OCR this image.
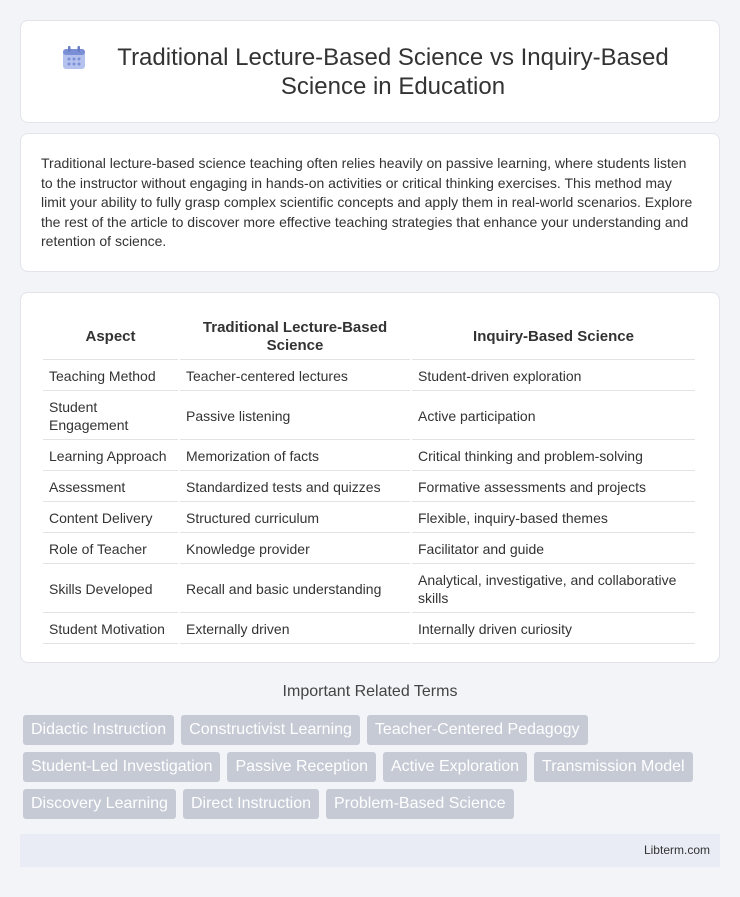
Traditional Lecture-Based Science vs Inquiry-Based Science in Education

Traditional lecture-based science teaching often relies heavily on passive learning, where students listen to the instructor without engaging in hands-on activities or critical thinking exercises. This method may limit your ability to fully grasp complex scientific concepts and apply them in real-world scenarios. Explore the rest of the article to discover more effective teaching strategies that enhance your understanding and retention of science.

Aspect	Traditional Lecture-Based Science	Inquiry-Based Science
Teaching Method	Teacher-centered lectures	Student-driven exploration
Student Engagement	Passive listening	Active participation
Learning Approach	Memorization of facts	Critical thinking and problem-solving
Assessment	Standardized tests and quizzes	Formative assessments and projects
Content Delivery	Structured curriculum	Flexible, inquiry-based themes
Role of Teacher	Knowledge provider	Facilitator and guide
Skills Developed	Recall and basic understanding	Analytical, investigative, and collaborative skills
Student Motivation	Externally driven	Internally driven curiosity
Important Related Terms
Didactic Instruction	Constructivist Learning	Teacher-Centered Pedagogy
Student-Led Investigation	Passive Reception	Active Exploration	Transmission Model
Discovery Learning	Direct Instruction	Problem-Based Science
Libterm.com
